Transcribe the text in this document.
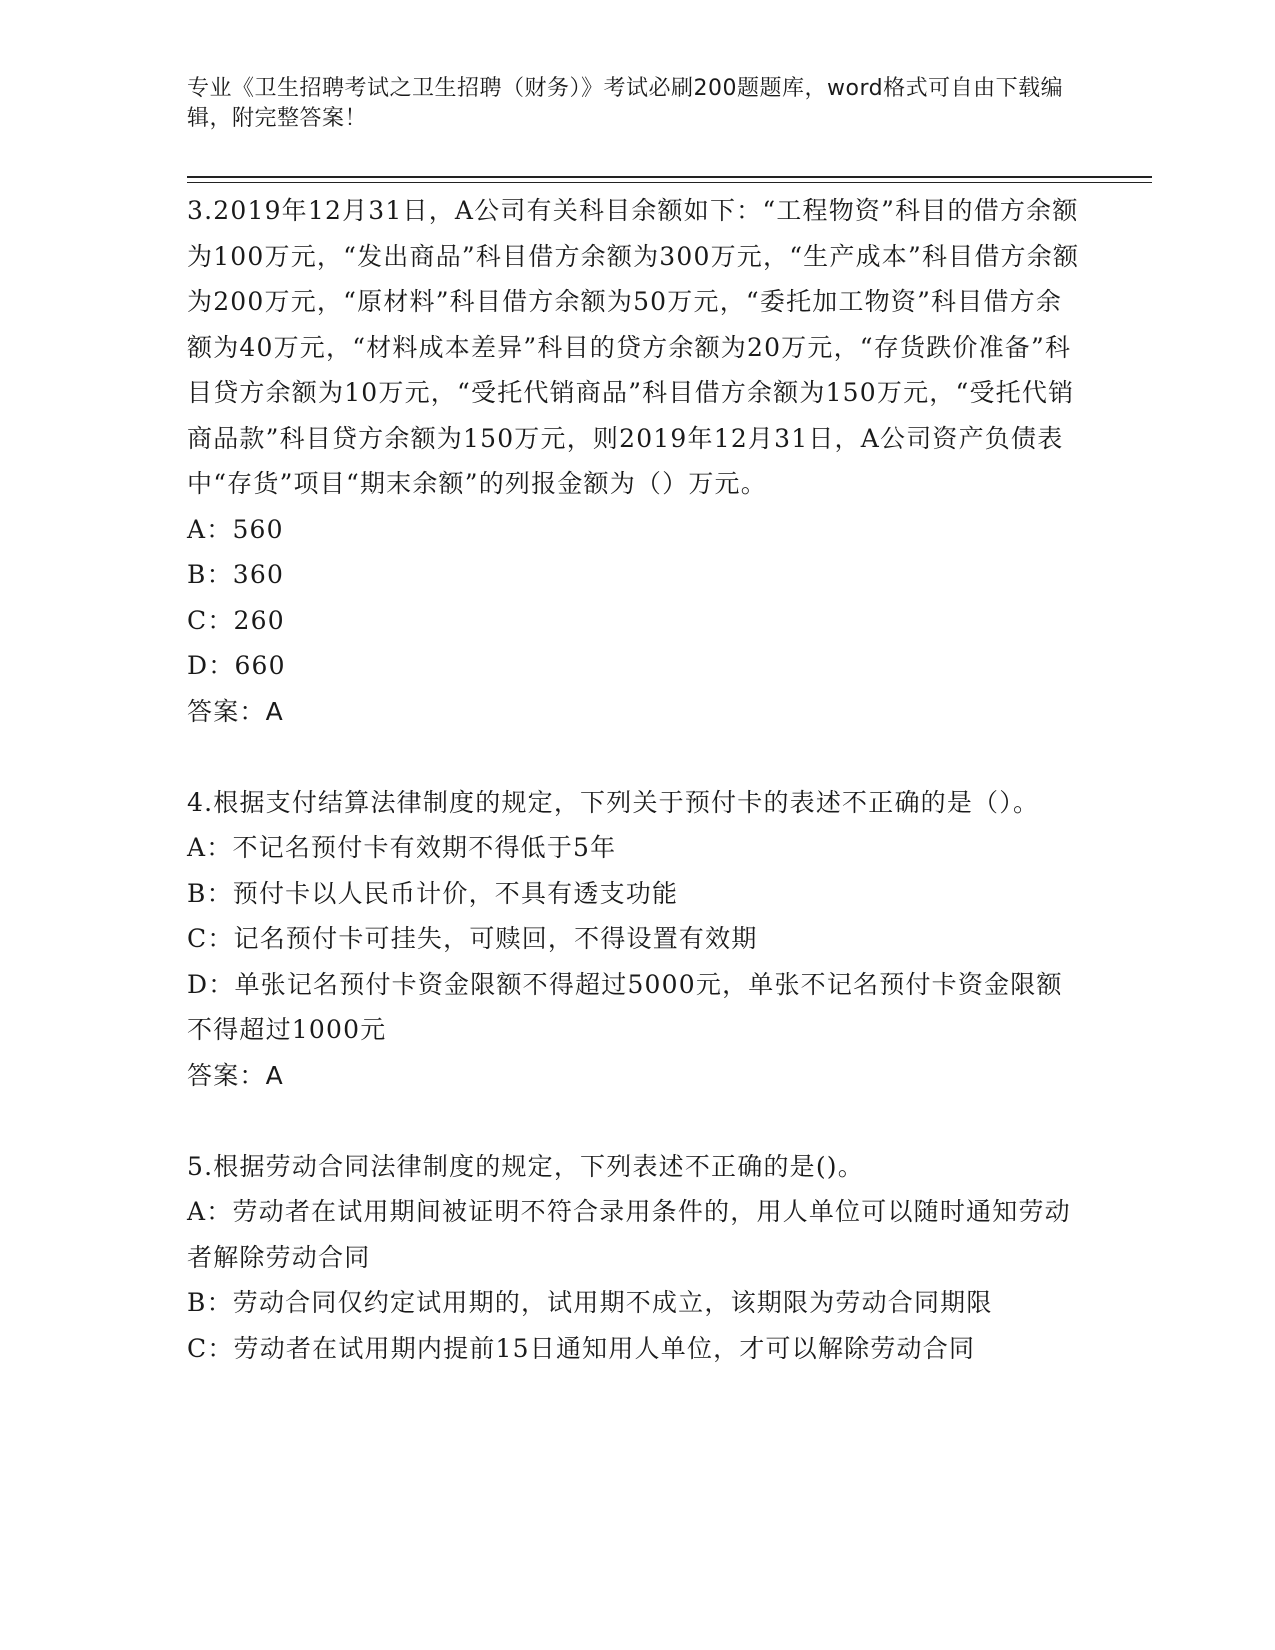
专业《卫生招聘考试之卫生招聘（财务）》考试必刷200题题库，word格式可自由下载编辑，附完整答案！
3.2019年12月31日，A公司有关科目余额如下：“工程物资”科目的借方余额为100万元，“发出商品”科目借方余额为300万元，“生产成本”科目借方余额为200万元，“原材料”科目借方余额为50万元，“委托加工物资”科目借方余额为40万元，“材料成本差异”科目的贷方余额为20万元，“存货跌价准备”科目贷方余额为10万元，“受托代销商品”科目借方余额为150万元，“受托代销商品款”科目贷方余额为150万元，则2019年12月31日，A公司资产负债表中“存货”项目“期末余额”的列报金额为（）万元。
A：560
B：360
C：260
D：660
答案：A
4.根据支付结算法律制度的规定，下列关于预付卡的表述不正确的是（）。
A：不记名预付卡有效期不得低于5年
B：预付卡以人民币计价，不具有透支功能
C：记名预付卡可挂失，可赎回，不得设置有效期
D：单张记名预付卡资金限额不得超过5000元，单张不记名预付卡资金限额不得超过1000元
答案：A
5.根据劳动合同法律制度的规定，下列表述不正确的是()。
A：劳动者在试用期间被证明不符合录用条件的，用人单位可以随时通知劳动者解除劳动合同
B：劳动合同仅约定试用期的，试用期不成立，该期限为劳动合同期限
C：劳动者在试用期内提前15日通知用人单位，才可以解除劳动合同
